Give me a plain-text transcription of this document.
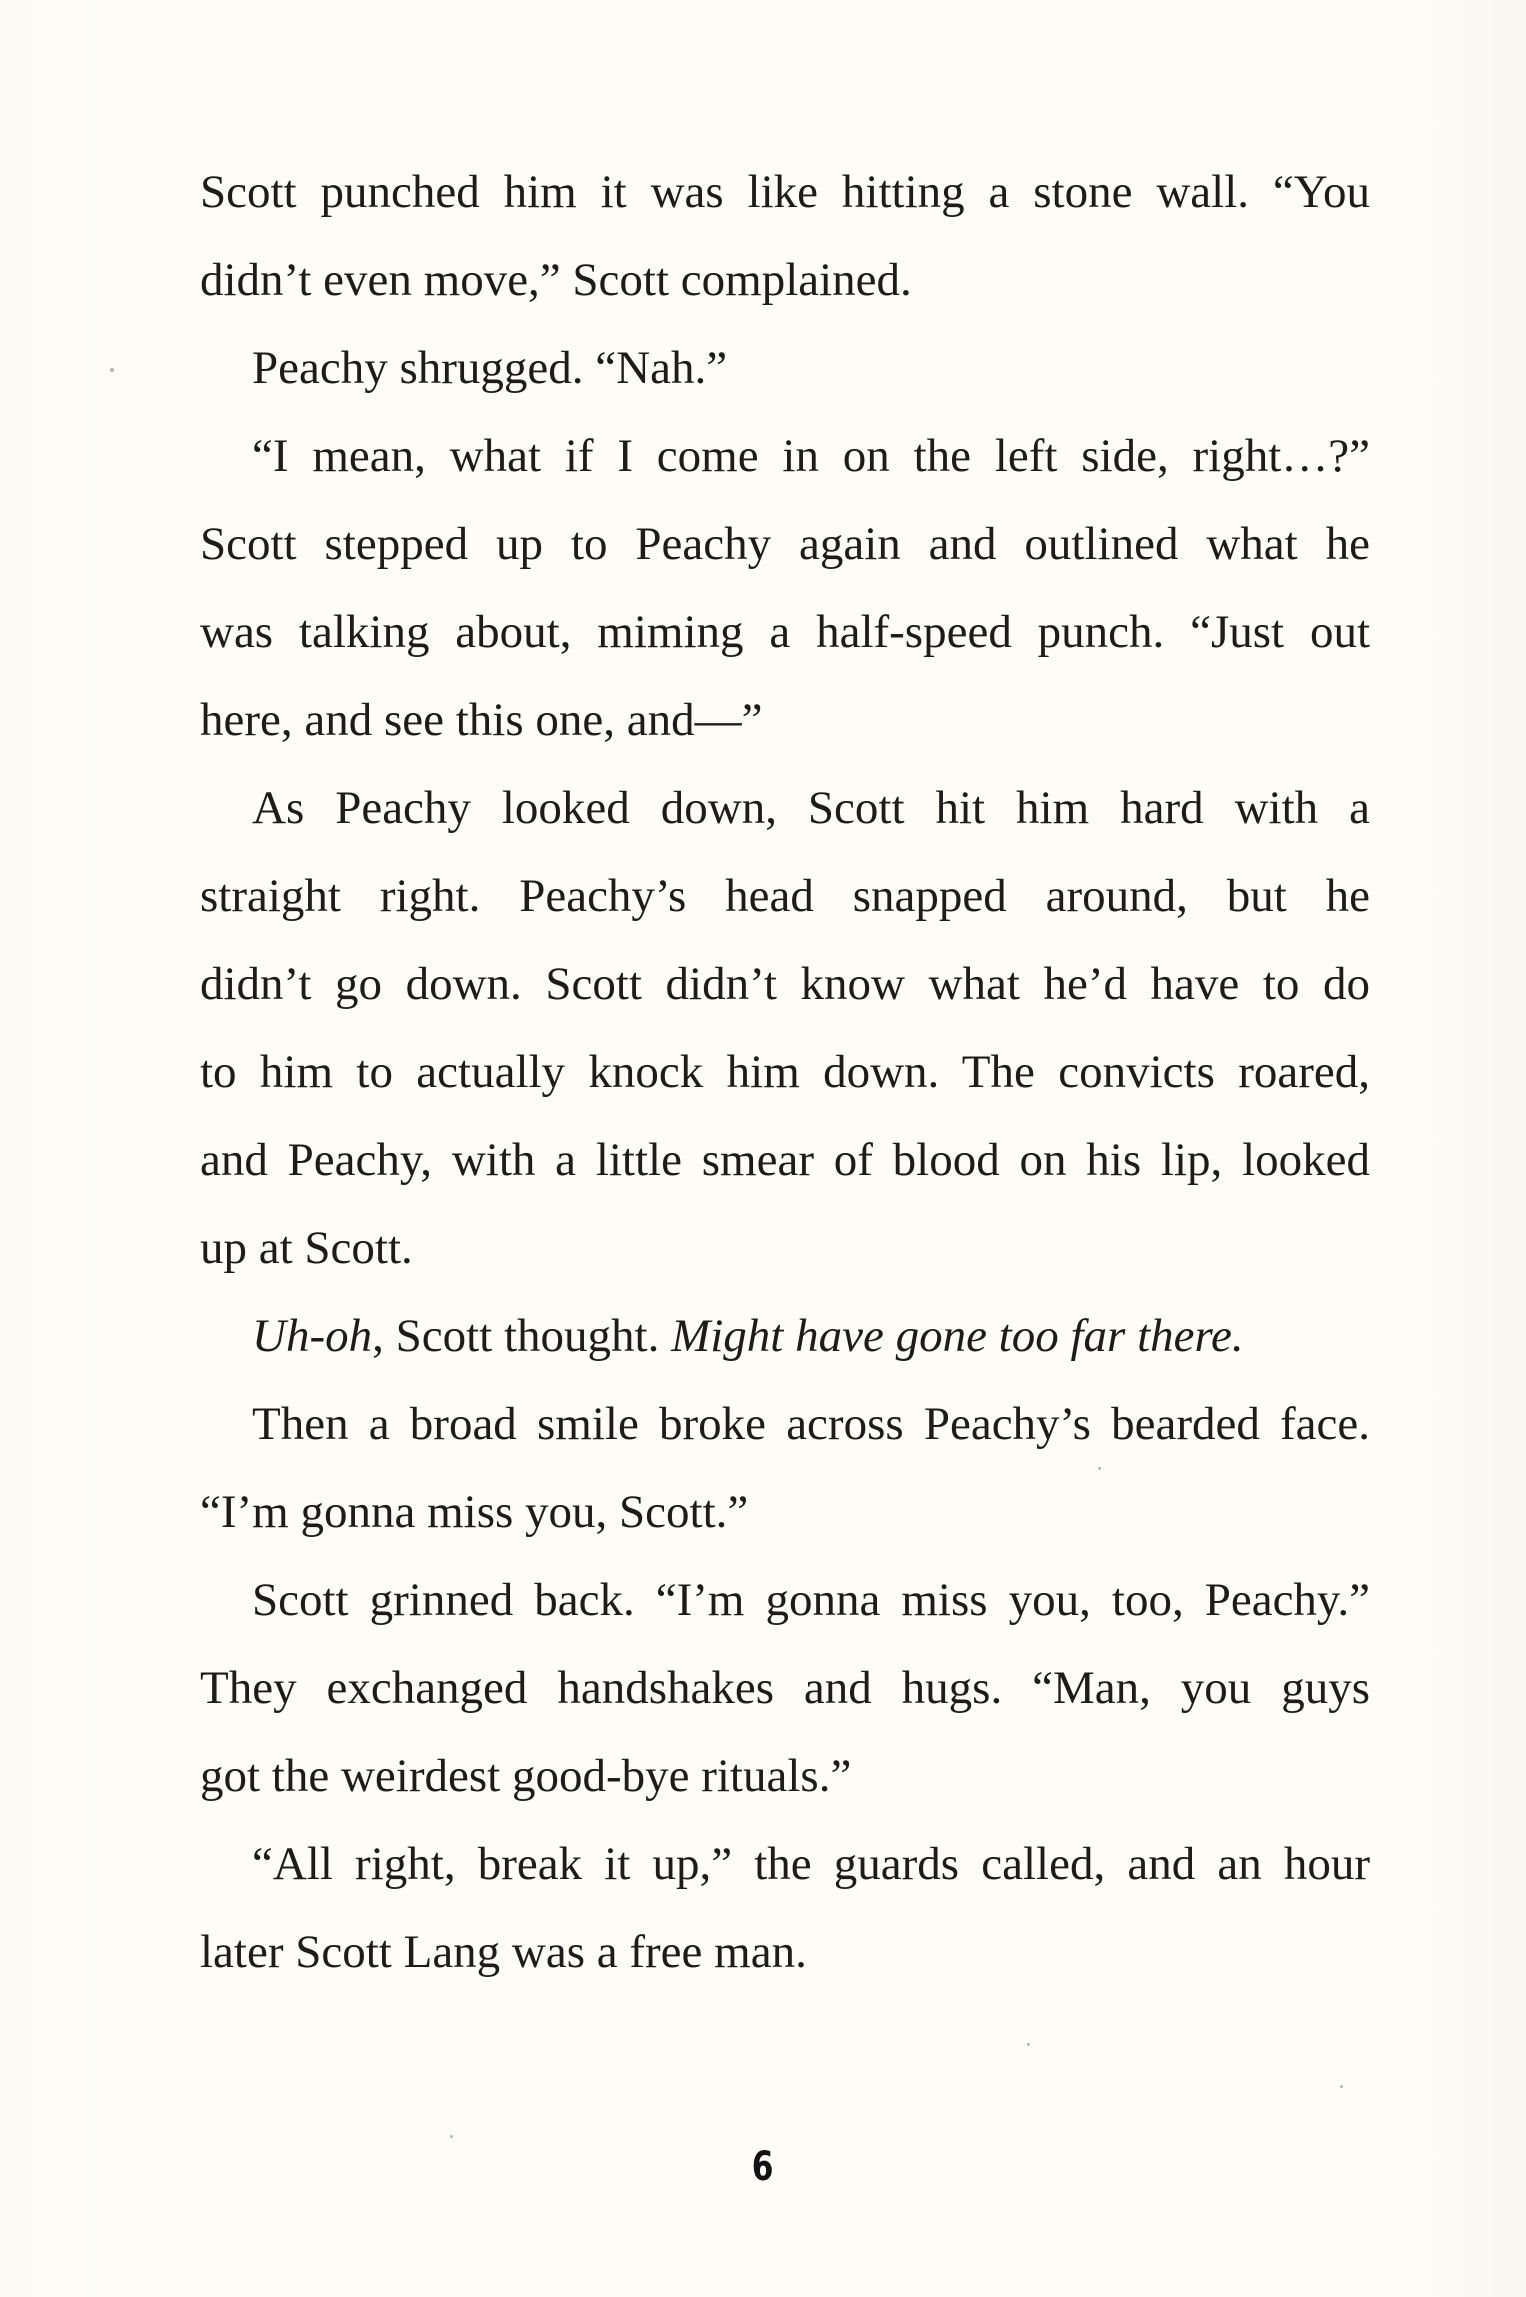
Scott punched him it was like hitting a stone wall. “You
didn’t even move,” Scott complained.
Peachy shrugged. “Nah.”
“I mean, what if I come in on the left side, right…?”
Scott stepped up to Peachy again and outlined what he
was talking about, miming a half-speed punch. “Just out
here, and see this one, and—”
As Peachy looked down, Scott hit him hard with a
straight right. Peachy’s head snapped around, but he
didn’t go down. Scott didn’t know what he’d have to do
to him to actually knock him down. The convicts roared,
and Peachy, with a little smear of blood on his lip, looked
up at Scott.
Uh-oh, Scott thought. Might have gone too far there.
Then a broad smile broke across Peachy’s bearded face.
“I’m gonna miss you, Scott.”
Scott grinned back. “I’m gonna miss you, too, Peachy.”
They exchanged handshakes and hugs. “Man, you guys
got the weirdest good-bye rituals.”
“All right, break it up,” the guards called, and an hour
later Scott Lang was a free man.
6
